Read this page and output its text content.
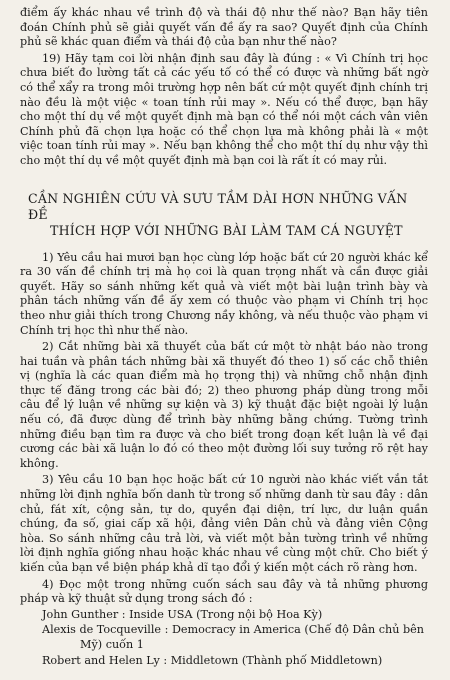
điểm ấy khác nhau về trình độ và thái độ như thế nào? Bạn hãy tiên đoán Chính phủ sẽ giải quyết vấn đề ấy ra sao? Quyết định của Chính phủ sẽ khác quan điểm và thái độ của bạn như thế nào?

19) Hãy tạm coi lời nhận định sau đây là đúng : « Vì Chính trị học chưa biết đo lường tất cả các yếu tố có thể có được và những bất ngờ có thể xẩy ra trong môi trường hợp nên bất cứ một quyết định chính trị nào đều là một việc « toan tính rủi may ». Nếu có thể được, bạn hãy cho một thí dụ về một quyết định mà bạn có thể nói một cách vân viên Chính phủ đã chọn lựa hoặc có thể chọn lựa mà không phải là « một việc toan tính rủi may ». Nếu bạn không thể cho một thí dụ như vậy thì cho một thí dụ về một quyết định mà bạn coi là rất ít có may rủi.

CẦN NGHIÊN CỨU VÀ SƯU TẦM DÀI HƠN NHỮNG VẤN ĐỀ
THÍCH HỢP VỚI NHỮNG BÀI LÀM TAM CÁ NGUYỆT

1) Yêu cầu hai mươi bạn học cùng lớp hoặc bất cứ 20 người khác kể ra 30 vấn đề chính trị mà họ coi là quan trọng nhất và cần được giải quyết. Hãy so sánh những kết quả và viết một bài luận trình bày và phân tách những vấn đề ấy xem có thuộc vào phạm vi Chính trị học theo như giải thích trong Chương nầy không, và nếu thuộc vào phạm vi Chính trị học thì như thế nào.

2) Cắt những bài xã thuyết của bất cứ một tờ nhật báo nào trong hai tuần và phân tách những bài xã thuyết đó theo 1) số các chỗ thiên vị (nghĩa là các quan điểm mà họ trọng thị) và những chỗ nhận định thực tế đăng trong các bài đó; 2) theo phương pháp dùng trong mỗi câu để lý luận về những sự kiện và 3) kỹ thuật đặc biệt ngoài lý luận nếu có, đã được dùng để trình bày những bằng chứng. Tường trình những điều bạn tìm ra được và cho biết trong đoạn kết luận là về đại cương các bài xã luận lo đó có theo một đường lối suy tưởng rõ rệt hay không.

3) Yêu cầu 10 bạn học hoặc bất cứ 10 người nào khác viết vắn tắt những lời định nghĩa bốn danh từ trong số những danh từ sau đây : dân chủ, fát xít, cộng sản, tự do, quyền đại diện, trí lực, dư luận quần chúng, đa số, giai cấp xã hội, đảng viên Dân chủ và đảng viên Cộng hòa. So sánh những câu trả lời, và viết một bản tường trình về những lời định nghĩa giống nhau hoặc khác nhau về cùng một chữ. Cho biết ý kiến của bạn về biện pháp khả dĩ tạo đổi ý kiến một cách rõ ràng hơn.

4) Đọc một trong những cuốn sách sau đây và tả những phương pháp và kỹ thuật sử dụng trong sách đó :

John Gunther : Inside USA (Trong nội bộ Hoa Kỳ)
Alexis de Tocqueville : Democracy in America (Chế độ Dân chủ bên
Mỹ) cuốn 1
Robert and Helen Ly : Middletown (Thành phố Middletown)
